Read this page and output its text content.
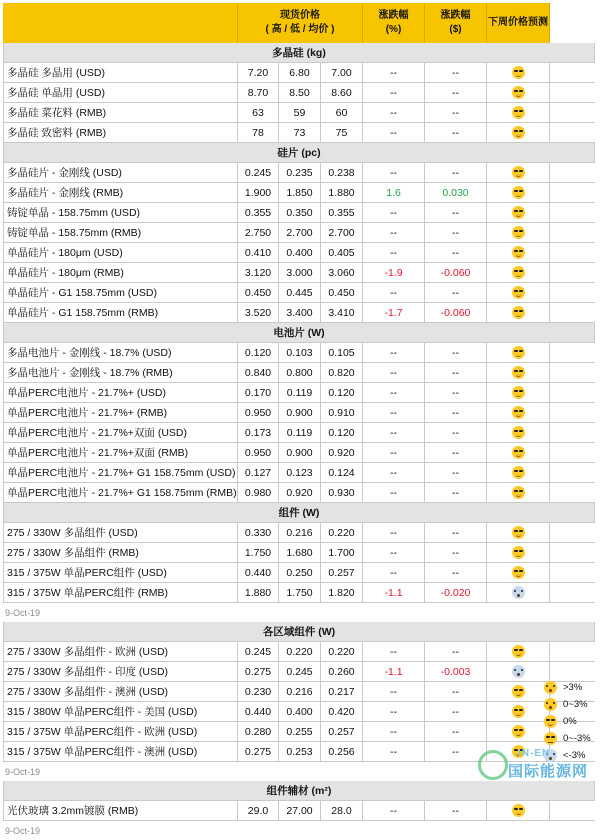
现货价格
( 高 / 低 / 均价 )
涨跌幅
(%)
涨跌幅
($)
下周价格预测
多晶硅 (kg)
多晶硅 多晶用 (USD)	7.20	6.80	7.00	--	--
多晶硅 单晶用 (USD)	8.70	8.50	8.60	--	--
多晶硅 菜花料 (RMB)	63	59	60	--	--
多晶硅 致密料 (RMB)	78	73	75	--	--
硅片 (pc)
多晶硅片 - 金刚线 (USD)	0.245	0.235	0.238	--	--
多晶硅片 - 金刚线 (RMB)	1.900	1.850	1.880	1.6	0.030
铸锭单晶 - 158.75mm (USD)	0.355	0.350	0.355	--	--
铸锭单晶 - 158.75mm (RMB)	2.750	2.700	2.700	--	--
单晶硅片 - 180μm (USD)	0.410	0.400	0.405	--	--
单晶硅片 - 180μm (RMB)	3.120	3.000	3.060	-1.9	-0.060
单晶硅片 - G1 158.75mm (USD)	0.450	0.445	0.450	--	--
单晶硅片 - G1 158.75mm (RMB)	3.520	3.400	3.410	-1.7	-0.060
电池片 (W)
多晶电池片 - 金刚线 - 18.7% (USD)	0.120	0.103	0.105	--	--
多晶电池片 - 金刚线 - 18.7% (RMB)	0.840	0.800	0.820	--	--
单晶PERC电池片 - 21.7%+ (USD)	0.170	0.119	0.120	--	--
单晶PERC电池片 - 21.7%+ (RMB)	0.950	0.900	0.910	--	--
单晶PERC电池片 - 21.7%+双面 (USD)	0.173	0.119	0.120	--	--
单晶PERC电池片 - 21.7%+双面 (RMB)	0.950	0.900	0.920	--	--
单晶PERC电池片 - 21.7%+ G1 158.75mm (USD) 0.127	0.123	0.124	--	--
单晶PERC电池片 - 21.7%+ G1 158.75mm (RMB) 0.980	0.920	0.930	--	--
组件 (W)
275 / 330W 多晶组件 (USD)	0.330	0.216	0.220	--	--
275 / 330W 多晶组件 (RMB)	1.750	1.680	1.700	--	--
315 / 375W 单晶PERC组件 (USD)	0.440	0.250	0.257	--	--
315 / 375W 单晶PERC组件 (RMB)	1.880	1.750	1.820	-1.1	-0.020
9-Oct-19
各区域组件 (W)
275 / 330W 多晶组件 - 欧洲 (USD)	0.245	0.220	0.220	--	--
275 / 330W 多晶组件 - 印度 (USD)	0.275	0.245	0.260	-1.1	-0.003
275 / 330W 多晶组件 - 澳洲 (USD)	0.230	0.216	0.217	--	--
315 / 380W 单晶PERC组件 - 美国 (USD)	0.440	0.400	0.420	--	--
315 / 375W 单晶PERC组件 - 欧洲 (USD)	0.280	0.255	0.257	--	--
315 / 375W 单晶PERC组件 - 澳洲 (USD)	0.275	0.253	0.256	--	--
9-Oct-19
组件辅材 (m²)
光伏玻璃 3.2mm镀膜 (RMB)	29.0	27.00	28.0	--	--
9-Oct-19
>3%
0~3%
0%
0~-3%
<-3%
IN-EN
国际能源网
